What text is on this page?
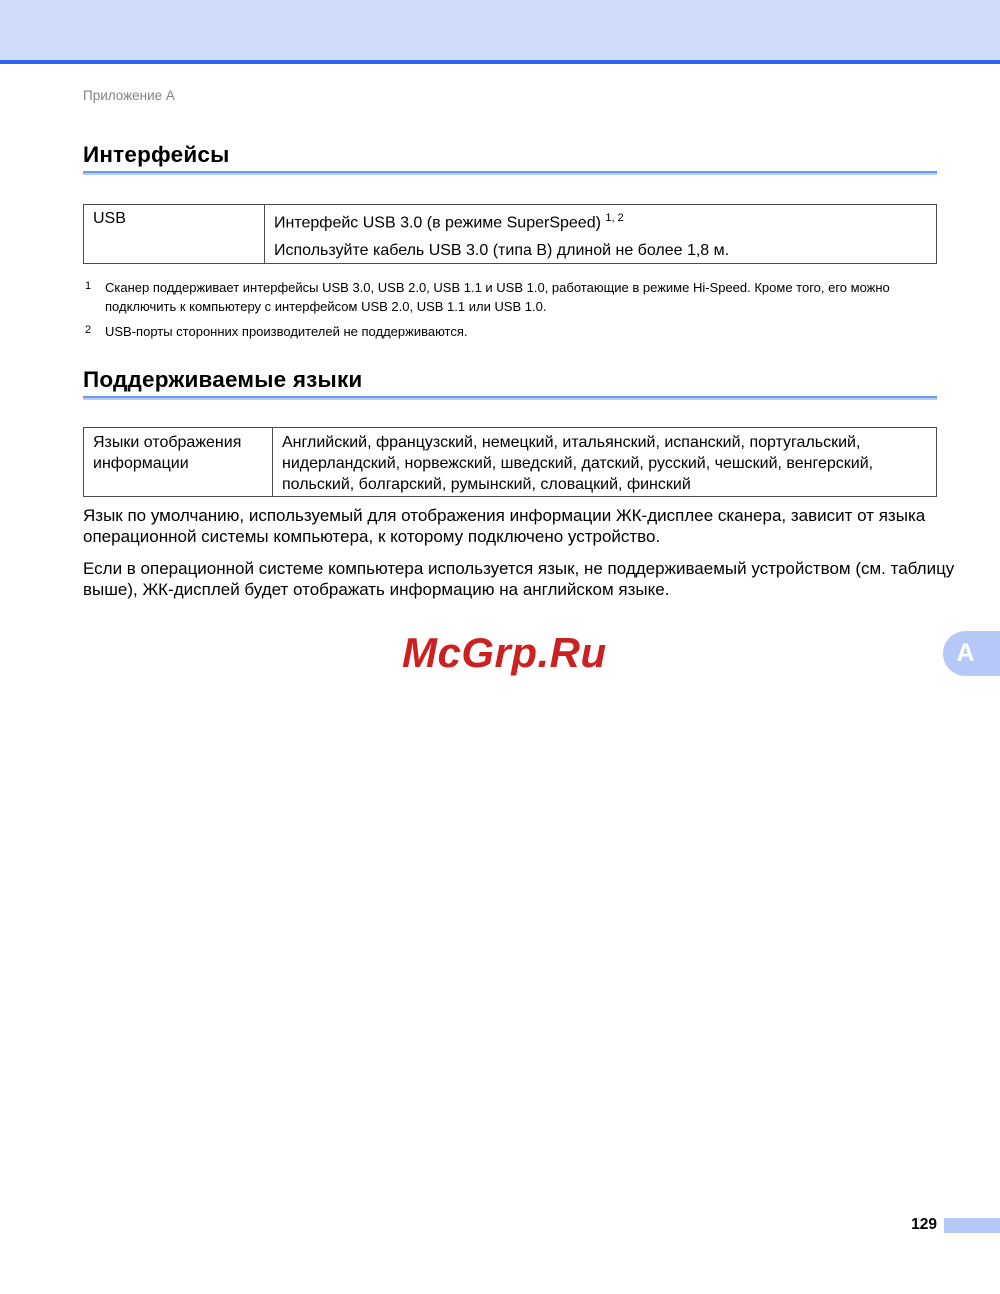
Приложение A
Интерфейсы
USB	Интерфейс USB 3.0 (в режиме SuperSpeed) $^{1, 2}$

Используйте кабель USB 3.0 (типа B) длиной не более 1,8 м.

1	Сканер поддерживает интерфейсы USB 3.0, USB 2.0, USB 1.1 и USB 1.0, работающие в режиме Hi-Speed. Кроме того, его можно подключить к компьютеру с интерфейсом USB 2.0, USB 1.1 или USB 1.0.
2	USB-порты сторонних производителей не поддерживаются.
Поддерживаемые языки
Языки отображения информации	Английский, французский, немецкий, итальянский, испанский, португальский, нидерландский, норвежский, шведский, датский, русский, чешский, венгерский, польский, болгарский, румынский, словацкий, финский

Язык по умолчанию, используемый для отображения информации ЖК-дисплее сканера, зависит от языка операционной системы компьютера, к которому подключено устройство.

Если в операционной системе компьютера используется язык, не поддерживаемый устройством (см. таблицу выше), ЖК-дисплей будет отображать информацию на английском языке.

McGrp.Ru	A
129
